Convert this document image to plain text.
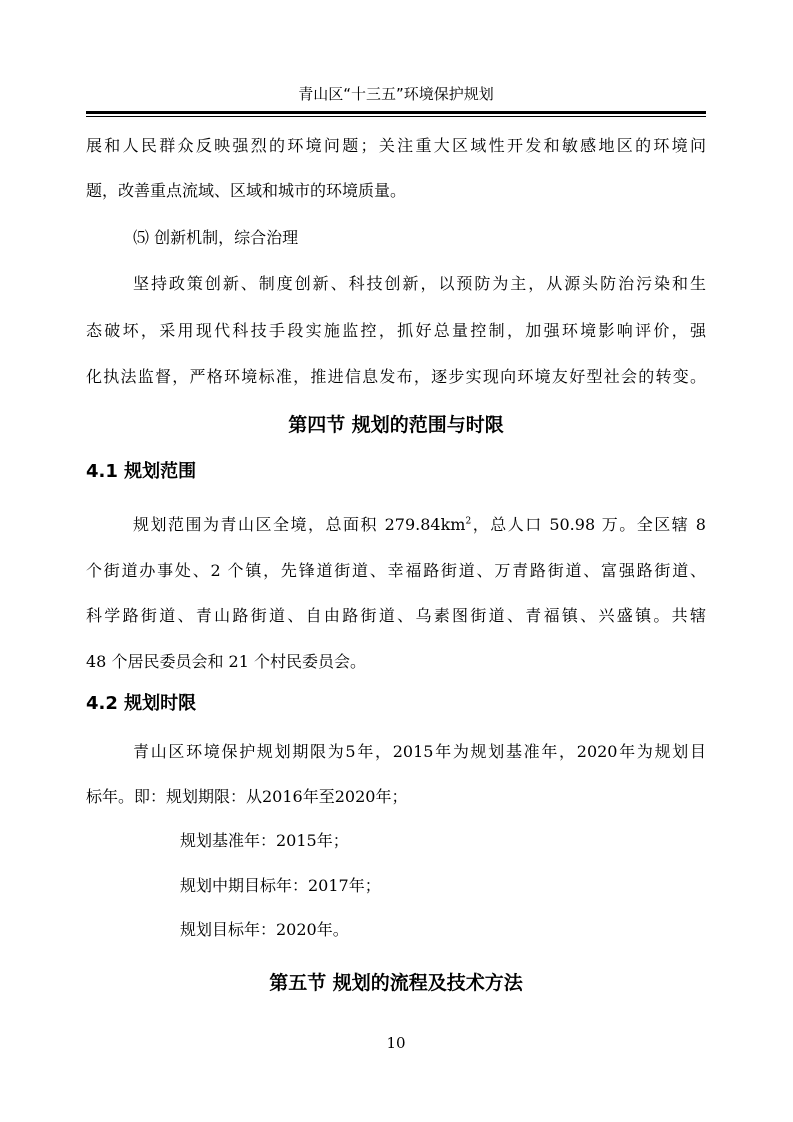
青山区“十三五”环境保护规划
展和人民群众反映强烈的环境问题；关注重大区域性开发和敏感地区的环境问
题，改善重点流域、区域和城市的环境质量。
⑸ 创新机制，综合治理
坚持政策创新、制度创新、科技创新，以预防为主，从源头防治污染和生
态破坏，采用现代科技手段实施监控，抓好总量控制，加强环境影响评价，强
化执法监督，严格环境标准，推进信息发布，逐步实现向环境友好型社会的转变。
第四节 规划的范围与时限
4.1 规划范围
规划范围为青山区全境，总面积 $279.84km^2$，总人口 50.98 万。全区辖 8
个街道办事处、2 个镇，先锋道街道、幸福路街道、万青路街道、富强路街道、
科学路街道、青山路街道、自由路街道、乌素图街道、青福镇、兴盛镇。共辖
48 个居民委员会和 21 个村民委员会。
4.2 规划时限
青山区环境保护规划期限为5年，2015年为规划基准年，2020年为规划目
标年。即：规划期限：从2016年至2020年；
规划基准年：2015年；
规划中期目标年：2017年；
规划目标年：2020年。
第五节 规划的流程及技术方法
10
